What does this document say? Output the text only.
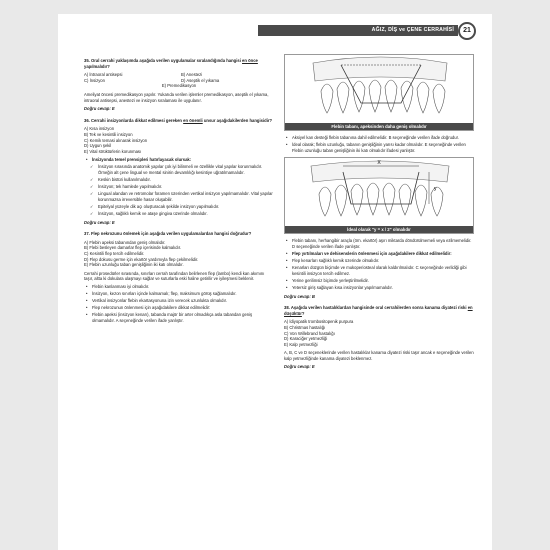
AĞIZ, DİŞ ve ÇENE CERRAHİSİ	21
35. Oral cerrahi yaklaşımda aşağıda verilen uygulamalar sıralandığında hangisi en önce yapılmalıdır?
A) İntraoral antisepsi	B) Anestezi
C) İnsizyon	D) Aseptik el yıkama
E) Premedikasyon

Ameliyat öncesi premedikasyon yapılır. Yukarıda verilen işlemler premedikasyon, aseptik el yıkama, intraoral antisepsi, anestezi ve insizyon sıralaması ile uygulanır.

Doğru cevap: E
36. Cerrahi insizyonlarda dikkat edilmesi gereken en önemli unsur aşağıdakilerden hangisidir?
A) Kısa insizyon
B) Tek ve kesintili insizyon
C) Kemik temasi alınarak insizyon
D) Uygun şekil
E) Vital strüktürlerin korunması
• İnsizyonda temel prensipleri hatırlayacak olursak:
✓ İnsizyon sırasında anatomik yapılar çok iyi bilinmeli ve özellikle vital yapılar korunmalıdır. Örneğin alt çene lingual ve mental sinirin devamlılığı kesintiye uğratılmamalıdır.
✓ Keskin bistüri kullanılmalıdır.
✓ İnsizyon; tek hamlede yapılmalıdır.
✓ Lingual alandan ve retromolar foramen üzerinden vertikal insizyon yapılmamalıdır. Vital yapılar korunmazsa irreversible hasar oluşabilir.
✓ Epitelyal yüzeyle dik açı oluşturacak şekilde insizyon yapılmalıdır.
✓ İnsizyon, sağlıklı kemik ve ataşe gingiva üzerinde olmalıdır.
Doğru cevap: E
37. Flep nekrozunu önlemek için aşağıda verilen uygulamalardan hangisi doğrudur?
A) Flebin apeksi tabanından geniş olmalıdır.
B) Flebi besleyen damarlar flep içerisinde kalmalıdır.
C) Kesintili flep tercih edilmelidir.
D) Flep dokusu germe için ekartör yardımıyla flep çekilmelidir.
E) Flebin uzunluğu taban genişliğinin iki katı olmalıdır.

Cerrahi prosedürler sırasında, sınırları cerrah tarafından belirlenen flep (lambo) kendi kan akımını taşır, altta ki dokulara ulaşmayı sağlar ve suturlarla eski haline getirilir ve iyileşmesi beklenir.

• Flebin kanlanması iyi olmalıdır.
• İnsizyon, kezon sınırları içinde kalmamalı; flep, maksimum görüş sağlamalıdır.
• Vertikal insizyonlar flebin ekartasyonuna izin verecek uzunlukta olmalıdır.
• Flep nekrozunun önlenmesi için aşağıdakilere dikkat edilmelidir:
• Flebin apeksi (insizyon kenarı), tabanda majör bir arter olmadıkça asla tabandan geniş olmamalıdır. A seçeneğinde verilen ifade yanlıştır.
Flebin tabanı, apeksinden daha geniş olmalıdır
• Aksiyel kan desteği flebin tabanına dahil edilmelidir. B seçeneğinde verilen ifade doğrudur.
• İdeal olarak; flebin uzunluğu, tabanın genişliğinin yarısı kadar olmalıdır. E seçeneğinde verilen Flebin uzunluğu taban genişliğinin iki katı olmalıdır ifadesi yanlıştır.
X
y
İdeal olarak "y = x / 2" olmalıdır
• Flebin tabanı, herhangibir araçla (örn. ekartör) aşırı miktarda döndürülmemeli veya ezilmemelidir. D seçeneğinde verilen ifade yanlıştır.
• Flep yırtılmaları ve dehisenslerin önlenmesi için aşağıdakilere dikkat edilmelidir:
• Flep kenarları sağlıklı kemik üzerinde olmalıdır.
• Kenarları düzgün biçimde ve mukoperiosteal olarak kaldırılmalıdır. C seçeneğinde verildiği gibi kesintili insizyon tercih edilmez.
• Yerine gerilimsiz biçimde yerleştirilmelidir.
• Yetersiz giriş sağlayan kısa insizyonlar yapılmamalıdır.
Doğru cevap: B
38. Aşağıda verilen hastalıklardan hangisinde oral cerrahilerden sonra kanama diyatezi riski en düşüktür?
A) İdiyopatik trombositopenik purpura
B) Christmas hastalığı
C) Von Willebrand hastalığı
D) Karaciğer yetmezliği
E) Kalp yetmezliği

A, B, C ve D seçeneklerinde verilen hastalıklar kanama diyatezi riski taşır ancak e seçeneğinde verilen kalp yetmezliğinde kanama diyatezi beklenmez.

Doğru cevap: E
